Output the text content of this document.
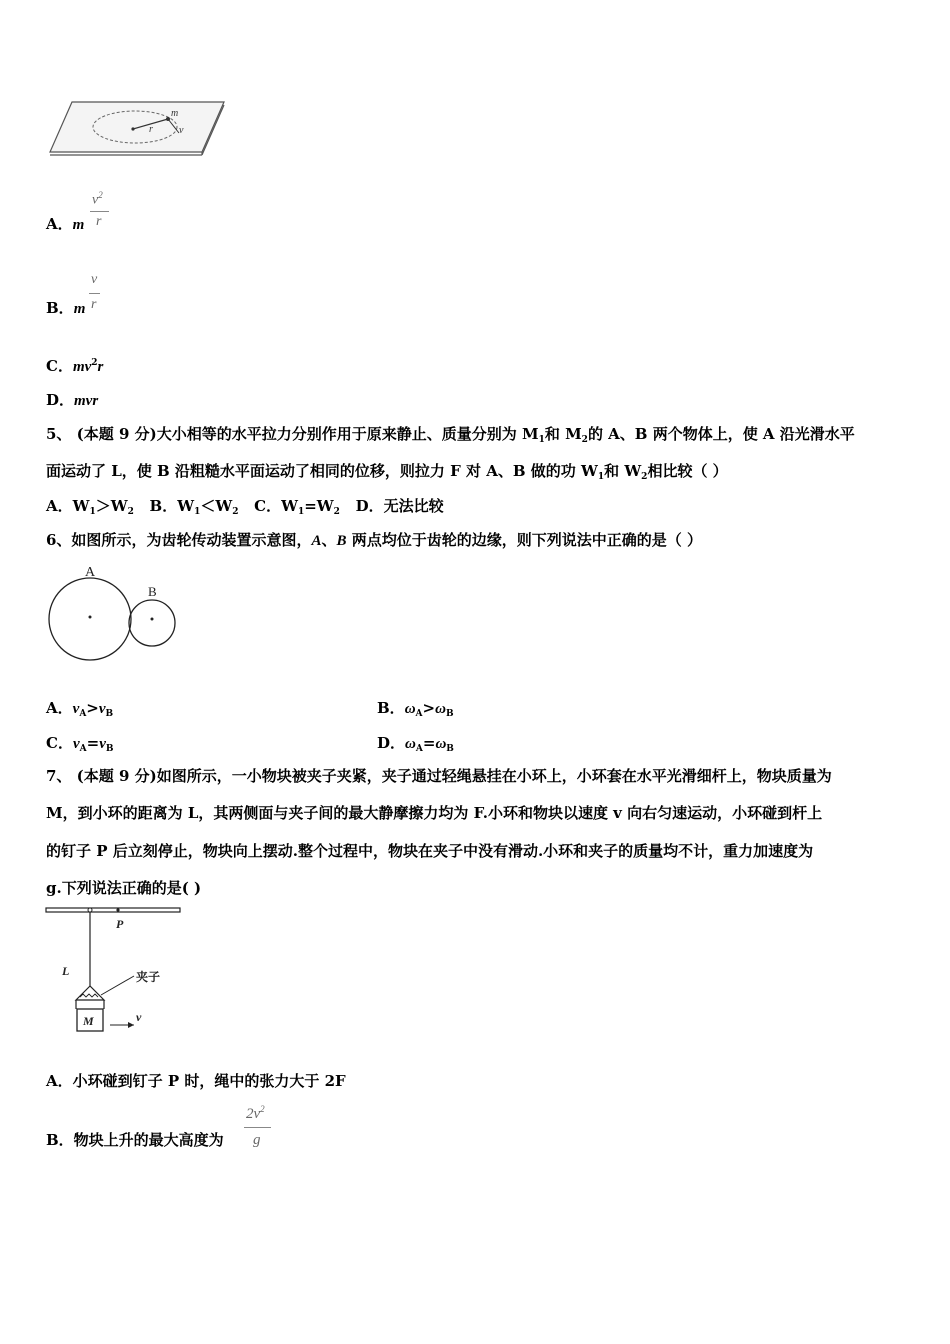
m
r	v
A．m
$v^2$
r
B．m
v
r
C．$mv^2r$
D．mvr
5、 (本题 9 分)大小相等的水平拉力分别作用于原来静止、质量分别为 $M_1$和 $M_2$的 A、B 两个物体上，使 A 沿光滑水平
面运动了 L，使 B 沿粗糙水平面运动了相同的位移，则拉力 F 对 A、B 做的功 $W_1$和 $W_2$相比较（ ）
A．$W_1>W_2$ B．$W_1<W_2$ C．$W_1=W_2$ D．无法比较
6、如图所示，为齿轮传动装置示意图，A、B 两点均位于齿轮的边缘，则下列说法中正确的是（ ）
A
B
A．$v_A>v_B$	B．$\omega_A>\omega_B$
C．$v_A=v_B$	D．$\omega_A=\omega_B$
7、 (本题 9 分)如图所示，一小物块被夹子夹紧，夹子通过轻绳悬挂在小环上，小环套在水平光滑细杆上，物块质量为
M，到小环的距离为 L，其两侧面与夹子间的最大静摩擦力均为 F.小环和物块以速度 v 向右匀速运动，小环碰到杆上
的钉子 P 后立刻停止，物块向上摆动.整个过程中，物块在夹子中没有滑动.小环和夹子的质量均不计，重力加速度为
g.下列说法正确的是( )
P
L	夹子
M	v
A．小环碰到钉子 P 时，绳中的张力大于 2F
B．物块上升的最大高度为
$2v^2$
g
